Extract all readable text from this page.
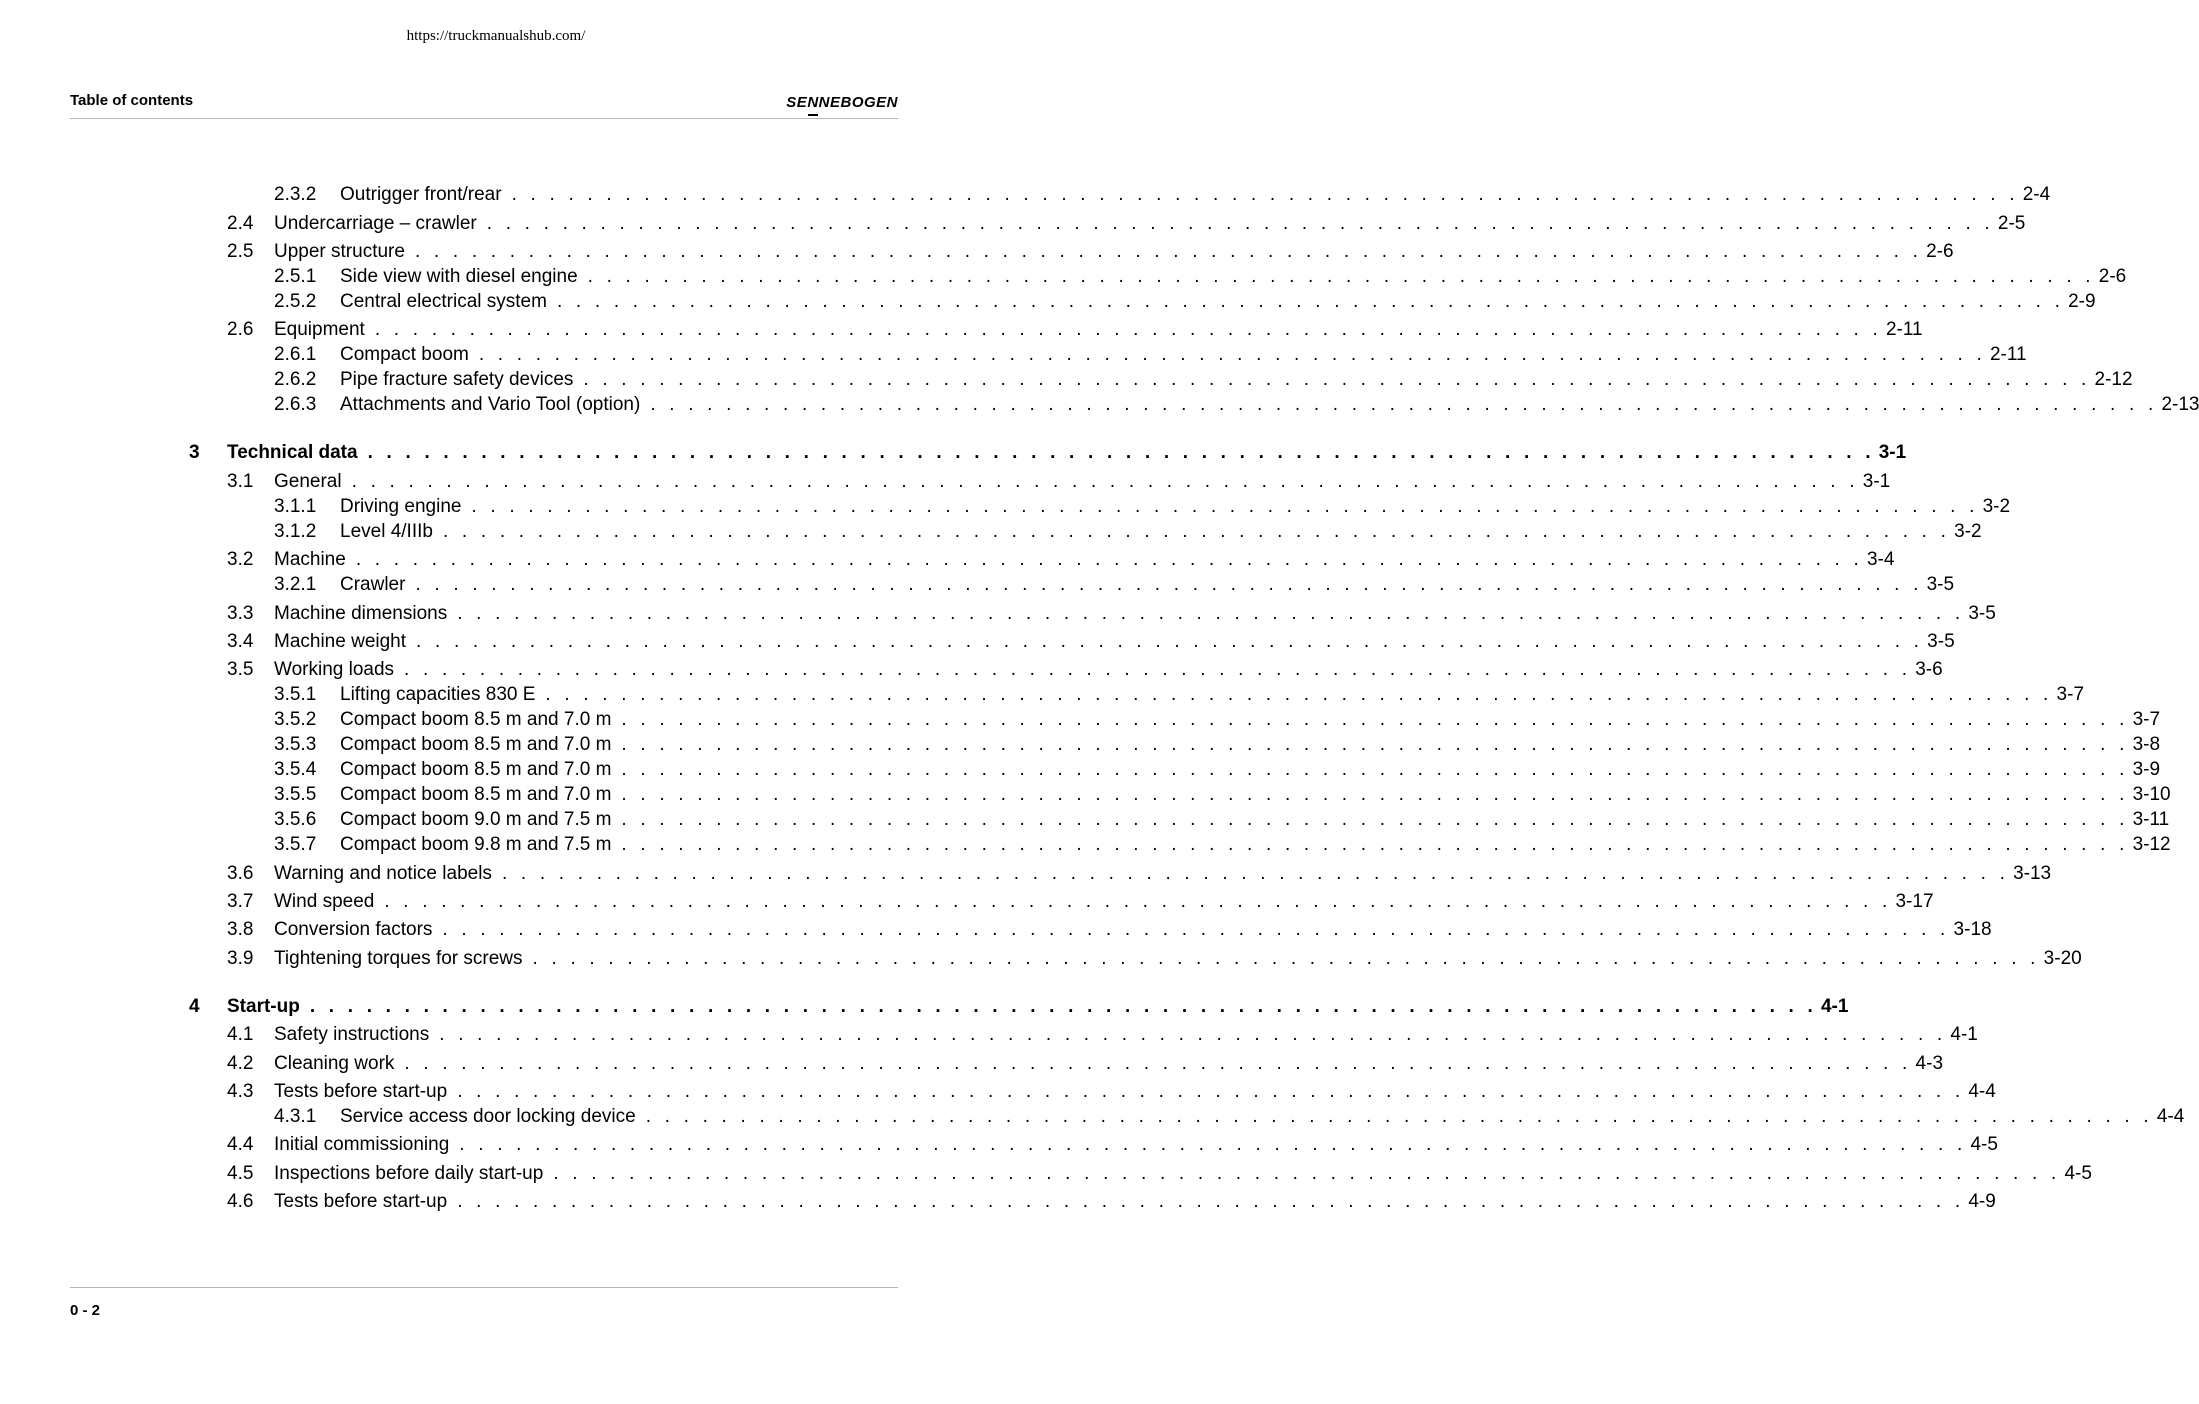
https://truckmanualshub.com/
Table of contents	SENNEBOGEN
2.3.2	Outrigger front/rear . . . . . . . . . . . . . . . . . . . . . . . . . . . . . . . . . . . . . . . . . . . . . . . . . . . . . . . . . . . . . . . . . . . . . . . . . . . . . . . . 2-4
2.4	Undercarriage – crawler . . . . . . . . . . . . . . . . . . . . . . . . . . . . . . . . . . . . . . . . . . . . . . . . . . . . . . . . . . . . . . . . . . . . . . . . . . . . . . . . 2-5
2.5	Upper structure . . . . . . . . . . . . . . . . . . . . . . . . . . . . . . . . . . . . . . . . . . . . . . . . . . . . . . . . . . . . . . . . . . . . . . . . . . . . . . . . 2-6
2.5.1	Side view with diesel engine . . . . . . . . . . . . . . . . . . . . . . . . . . . . . . . . . . . . . . . . . . . . . . . . . . . . . . . . . . . . . . . . . . . . . . . . . . . . . . . . 2-6
2.5.2	Central electrical system . . . . . . . . . . . . . . . . . . . . . . . . . . . . . . . . . . . . . . . . . . . . . . . . . . . . . . . . . . . . . . . . . . . . . . . . . . . . . . . . 2-9
2.6	Equipment . . . . . . . . . . . . . . . . . . . . . . . . . . . . . . . . . . . . . . . . . . . . . . . . . . . . . . . . . . . . . . . . . . . . . . . . . . . . . . . . 2-11
2.6.1	Compact boom . . . . . . . . . . . . . . . . . . . . . . . . . . . . . . . . . . . . . . . . . . . . . . . . . . . . . . . . . . . . . . . . . . . . . . . . . . . . . . . . 2-11
2.6.2	Pipe fracture safety devices . . . . . . . . . . . . . . . . . . . . . . . . . . . . . . . . . . . . . . . . . . . . . . . . . . . . . . . . . . . . . . . . . . . . . . . . . . . . . . . . 2-12
2.6.3	Attachments and Vario Tool (option) . . . . . . . . . . . . . . . . . . . . . . . . . . . . . . . . . . . . . . . . . . . . . . . . . . . . . . . . . . . . . . . . . . . . . . . . . . . . . . . . 2-13
3	Technical data . . . . . . . . . . . . . . . . . . . . . . . . . . . . . . . . . . . . . . . . . . . . . . . . . . . . . . . . . . . . . . . . . . . . . . . . . . . . . . . . 3-1
3.1	General . . . . . . . . . . . . . . . . . . . . . . . . . . . . . . . . . . . . . . . . . . . . . . . . . . . . . . . . . . . . . . . . . . . . . . . . . . . . . . . . 3-1
3.1.1	Driving engine . . . . . . . . . . . . . . . . . . . . . . . . . . . . . . . . . . . . . . . . . . . . . . . . . . . . . . . . . . . . . . . . . . . . . . . . . . . . . . . . 3-2
3.1.2	Level 4/IIIb . . . . . . . . . . . . . . . . . . . . . . . . . . . . . . . . . . . . . . . . . . . . . . . . . . . . . . . . . . . . . . . . . . . . . . . . . . . . . . . . 3-2
3.2	Machine . . . . . . . . . . . . . . . . . . . . . . . . . . . . . . . . . . . . . . . . . . . . . . . . . . . . . . . . . . . . . . . . . . . . . . . . . . . . . . . . 3-4
3.2.1	Crawler . . . . . . . . . . . . . . . . . . . . . . . . . . . . . . . . . . . . . . . . . . . . . . . . . . . . . . . . . . . . . . . . . . . . . . . . . . . . . . . . 3-5
3.3	Machine dimensions . . . . . . . . . . . . . . . . . . . . . . . . . . . . . . . . . . . . . . . . . . . . . . . . . . . . . . . . . . . . . . . . . . . . . . . . . . . . . . . . 3-5
3.4	Machine weight . . . . . . . . . . . . . . . . . . . . . . . . . . . . . . . . . . . . . . . . . . . . . . . . . . . . . . . . . . . . . . . . . . . . . . . . . . . . . . . . 3-5
3.5	Working loads . . . . . . . . . . . . . . . . . . . . . . . . . . . . . . . . . . . . . . . . . . . . . . . . . . . . . . . . . . . . . . . . . . . . . . . . . . . . . . . . 3-6
3.5.1	Lifting capacities 830 E . . . . . . . . . . . . . . . . . . . . . . . . . . . . . . . . . . . . . . . . . . . . . . . . . . . . . . . . . . . . . . . . . . . . . . . . . . . . . . . . 3-7
3.5.2	Compact boom 8.5 m and 7.0 m . . . . . . . . . . . . . . . . . . . . . . . . . . . . . . . . . . . . . . . . . . . . . . . . . . . . . . . . . . . . . . . . . . . . . . . . . . . . . . . . 3-7
3.5.3	Compact boom 8.5 m and 7.0 m . . . . . . . . . . . . . . . . . . . . . . . . . . . . . . . . . . . . . . . . . . . . . . . . . . . . . . . . . . . . . . . . . . . . . . . . . . . . . . . . 3-8
3.5.4	Compact boom 8.5 m and 7.0 m . . . . . . . . . . . . . . . . . . . . . . . . . . . . . . . . . . . . . . . . . . . . . . . . . . . . . . . . . . . . . . . . . . . . . . . . . . . . . . . . 3-9
3.5.5	Compact boom 8.5 m and 7.0 m . . . . . . . . . . . . . . . . . . . . . . . . . . . . . . . . . . . . . . . . . . . . . . . . . . . . . . . . . . . . . . . . . . . . . . . . . . . . . . . . 3-10
3.5.6	Compact boom 9.0 m and 7.5 m . . . . . . . . . . . . . . . . . . . . . . . . . . . . . . . . . . . . . . . . . . . . . . . . . . . . . . . . . . . . . . . . . . . . . . . . . . . . . . . . 3-11
3.5.7	Compact boom 9.8 m and 7.5 m . . . . . . . . . . . . . . . . . . . . . . . . . . . . . . . . . . . . . . . . . . . . . . . . . . . . . . . . . . . . . . . . . . . . . . . . . . . . . . . . 3-12
3.6	Warning and notice labels . . . . . . . . . . . . . . . . . . . . . . . . . . . . . . . . . . . . . . . . . . . . . . . . . . . . . . . . . . . . . . . . . . . . . . . . . . . . . . . . 3-13
3.7	Wind speed . . . . . . . . . . . . . . . . . . . . . . . . . . . . . . . . . . . . . . . . . . . . . . . . . . . . . . . . . . . . . . . . . . . . . . . . . . . . . . . . 3-17
3.8	Conversion factors . . . . . . . . . . . . . . . . . . . . . . . . . . . . . . . . . . . . . . . . . . . . . . . . . . . . . . . . . . . . . . . . . . . . . . . . . . . . . . . . 3-18
3.9	Tightening torques for screws . . . . . . . . . . . . . . . . . . . . . . . . . . . . . . . . . . . . . . . . . . . . . . . . . . . . . . . . . . . . . . . . . . . . . . . . . . . . . . . . 3-20
4	Start-up . . . . . . . . . . . . . . . . . . . . . . . . . . . . . . . . . . . . . . . . . . . . . . . . . . . . . . . . . . . . . . . . . . . . . . . . . . . . . . . . 4-1
4.1	Safety instructions . . . . . . . . . . . . . . . . . . . . . . . . . . . . . . . . . . . . . . . . . . . . . . . . . . . . . . . . . . . . . . . . . . . . . . . . . . . . . . . . 4-1
4.2	Cleaning work . . . . . . . . . . . . . . . . . . . . . . . . . . . . . . . . . . . . . . . . . . . . . . . . . . . . . . . . . . . . . . . . . . . . . . . . . . . . . . . . 4-3
4.3	Tests before start-up . . . . . . . . . . . . . . . . . . . . . . . . . . . . . . . . . . . . . . . . . . . . . . . . . . . . . . . . . . . . . . . . . . . . . . . . . . . . . . . . 4-4
4.3.1	Service access door locking device . . . . . . . . . . . . . . . . . . . . . . . . . . . . . . . . . . . . . . . . . . . . . . . . . . . . . . . . . . . . . . . . . . . . . . . . . . . . . . . . 4-4
4.4	Initial commissioning . . . . . . . . . . . . . . . . . . . . . . . . . . . . . . . . . . . . . . . . . . . . . . . . . . . . . . . . . . . . . . . . . . . . . . . . . . . . . . . . 4-5
4.5	Inspections before daily start-up . . . . . . . . . . . . . . . . . . . . . . . . . . . . . . . . . . . . . . . . . . . . . . . . . . . . . . . . . . . . . . . . . . . . . . . . . . . . . . . . 4-5
4.6	Tests before start-up . . . . . . . . . . . . . . . . . . . . . . . . . . . . . . . . . . . . . . . . . . . . . . . . . . . . . . . . . . . . . . . . . . . . . . . . . . . . . . . . 4-9
0 - 2
